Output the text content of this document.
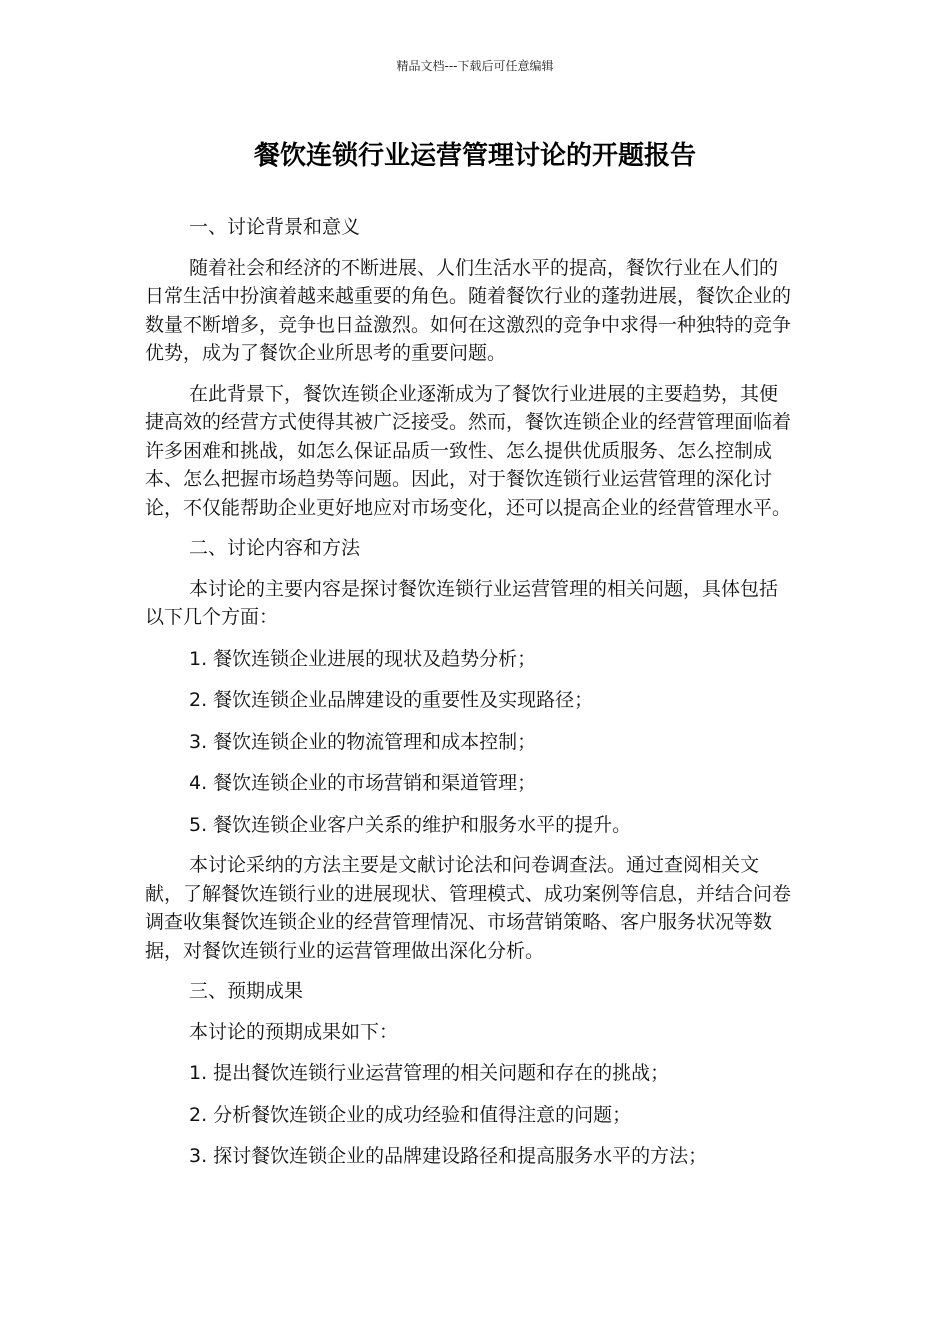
精品文档---下载后可任意编辑
餐饮连锁行业运营管理讨论的开题报告

一、讨论背景和意义

随着社会和经济的不断进展、人们生活水平的提高，餐饮行业在人们的日常生活中扮演着越来越重要的角色。随着餐饮行业的蓬勃进展，餐饮企业的数量不断增多，竞争也日益激烈。如何在这激烈的竞争中求得一种独特的竞争优势，成为了餐饮企业所思考的重要问题。

在此背景下，餐饮连锁企业逐渐成为了餐饮行业进展的主要趋势，其便捷高效的经营方式使得其被广泛接受。然而，餐饮连锁企业的经营管理面临着许多困难和挑战，如怎么保证品质一致性、怎么提供优质服务、怎么控制成本、怎么把握市场趋势等问题。因此，对于餐饮连锁行业运营管理的深化讨论，不仅能帮助企业更好地应对市场变化，还可以提高企业的经营管理水平。

二、讨论内容和方法

本讨论的主要内容是探讨餐饮连锁行业运营管理的相关问题，具体包括以下几个方面：

1. 餐饮连锁企业进展的现状及趋势分析；

2. 餐饮连锁企业品牌建设的重要性及实现路径；

3. 餐饮连锁企业的物流管理和成本控制；

4. 餐饮连锁企业的市场营销和渠道管理；

5. 餐饮连锁企业客户关系的维护和服务水平的提升。

本讨论采纳的方法主要是文献讨论法和问卷调查法。通过查阅相关文献，了解餐饮连锁行业的进展现状、管理模式、成功案例等信息，并结合问卷调查收集餐饮连锁企业的经营管理情况、市场营销策略、客户服务状况等数据，对餐饮连锁行业的运营管理做出深化分析。

三、预期成果

本讨论的预期成果如下：

1. 提出餐饮连锁行业运营管理的相关问题和存在的挑战；

2. 分析餐饮连锁企业的成功经验和值得注意的问题；

3. 探讨餐饮连锁企业的品牌建设路径和提高服务水平的方法；
